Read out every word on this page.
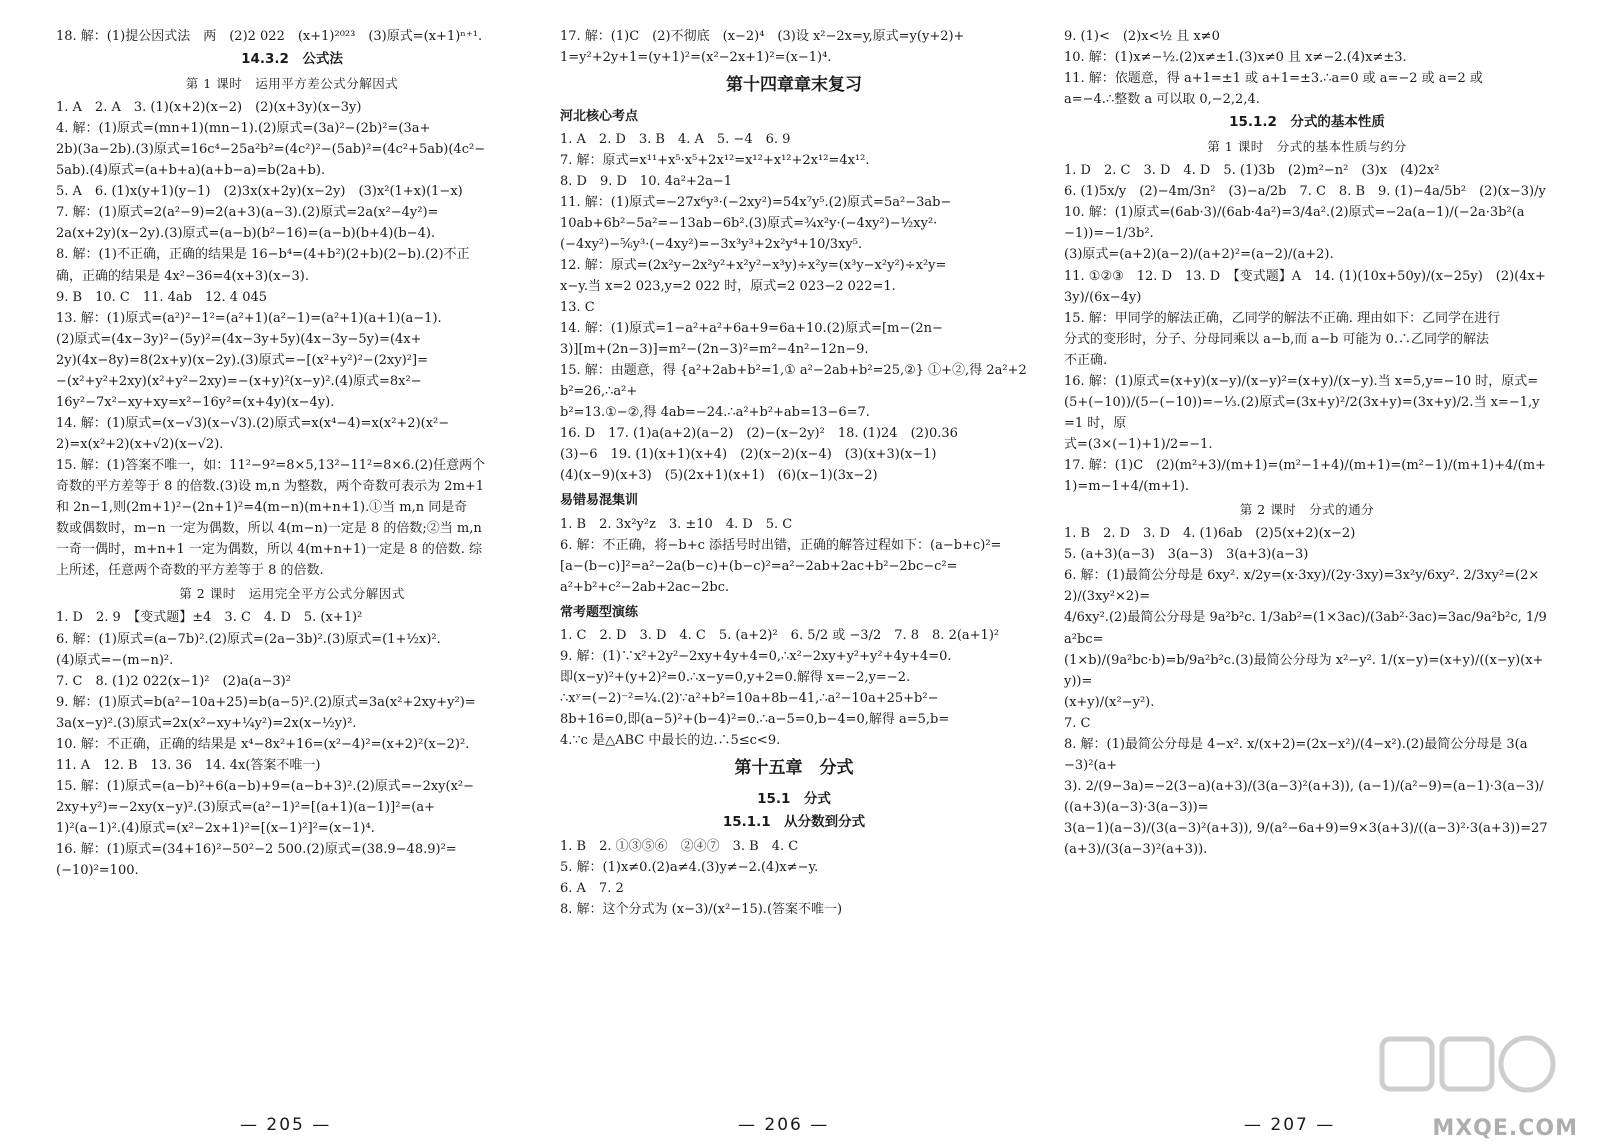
18. 解：(1)提公因式法　两　(2)2 022　(x+1)²⁰²³　(3)原式=(x+1)ⁿ⁺¹.
14.3.2　公式法
第 1 课时　运用平方差公式分解因式
1. A　2. A　3. (1)(x+2)(x−2)　(2)(x+3y)(x−3y)
4. 解：(1)原式=(mn+1)(mn−1).(2)原式=(3a)²−(2b)²=(3a+
2b)(3a−2b).(3)原式=16c⁴−25a²b²=(4c²)²−(5ab)²=(4c²+5ab)(4c²−
5ab).(4)原式=(a+b+a)(a+b−a)=b(2a+b).
5. A　6. (1)x(y+1)(y−1)　(2)3x(x+2y)(x−2y)　(3)x²(1+x)(1−x)
7. 解：(1)原式=2(a²−9)=2(a+3)(a−3).(2)原式=2a(x²−4y²)=
2a(x+2y)(x−2y).(3)原式=(a−b)(b²−16)=(a−b)(b+4)(b−4).
8. 解：(1)不正确，正确的结果是 16−b⁴=(4+b²)(2+b)(2−b).(2)不正
确，正确的结果是 4x²−36=4(x+3)(x−3).
9. B　10. C　11. 4ab　12. 4 045
13. 解：(1)原式=(a²)²−1²=(a²+1)(a²−1)=(a²+1)(a+1)(a−1).
(2)原式=(4x−3y)²−(5y)²=(4x−3y+5y)(4x−3y−5y)=(4x+
2y)(4x−8y)=8(2x+y)(x−2y).(3)原式=−[(x²+y²)²−(2xy)²]=
−(x²+y²+2xy)(x²+y²−2xy)=−(x+y)²(x−y)².(4)原式=8x²−
16y²−7x²−xy+xy=x²−16y²=(x+4y)(x−4y).
14. 解：(1)原式=(x−√3)(x−√3).(2)原式=x(x⁴−4)=x(x²+2)(x²−
2)=x(x²+2)(x+√2)(x−√2).
15. 解：(1)答案不唯一，如：11²−9²=8×5,13²−11²=8×6.(2)任意两个
奇数的平方差等于 8 的倍数.(3)设 m,n 为整数，两个奇数可表示为 2m+1
和 2n−1,则(2m+1)²−(2n+1)²=4(m−n)(m+n+1).①当 m,n 同是奇
数或偶数时，m−n 一定为偶数，所以 4(m−n)一定是 8 的倍数;②当 m,n
一奇一偶时，m+n+1 一定为偶数，所以 4(m+n+1)一定是 8 的倍数. 综
上所述，任意两个奇数的平方差等于 8 的倍数.
第 2 课时　运用完全平方公式分解因式
1. D　2. 9　【变式题】±4　3. C　4. D　5. (x+1)²
6. 解：(1)原式=(a−7b)².(2)原式=(2a−3b)².(3)原式=(1+½x)².
(4)原式=−(m−n)².
7. C　8. (1)2 022(x−1)²　(2)a(a−3)²
9. 解：(1)原式=b(a²−10a+25)=b(a−5)².(2)原式=3a(x²+2xy+y²)=
3a(x−y)².(3)原式=2x(x²−xy+¼y²)=2x(x−½y)².
10. 解：不正确，正确的结果是 x⁴−8x²+16=(x²−4)²=(x+2)²(x−2)².
11. A　12. B　13. 36　14. 4x(答案不唯一)
15. 解：(1)原式=(a−b)²+6(a−b)+9=(a−b+3)².(2)原式=−2xy(x²−
2xy+y²)=−2xy(x−y)².(3)原式=(a²−1)²=[(a+1)(a−1)]²=(a+
1)²(a−1)².(4)原式=(x²−2x+1)²=[(x−1)²]²=(x−1)⁴.
16. 解：(1)原式=(34+16)²−50²−2 500.(2)原式=(38.9−48.9)²=
(−10)²=100.
17. 解：(1)C　(2)不彻底　(x−2)⁴　(3)设 x²−2x=y,原式=y(y+2)+
1=y²+2y+1=(y+1)²=(x²−2x+1)²=(x−1)⁴.
第十四章章末复习
河北核心考点
1. A　2. D　3. B　4. A　5. −4　6. 9
7. 解：原式=x¹¹+x⁵·x⁵+2x¹²=x¹²+x¹²+2x¹²=4x¹².
8. D　9. D　10. 4a²+2a−1
11. 解：(1)原式=−27x⁶y³·(−2xy²)=54x⁷y⁵.(2)原式=5a²−3ab−
10ab+6b²−5a²=−13ab−6b².(3)原式=¾x²y·(−4xy²)−½xy²·
(−4xy²)−⅚y³·(−4xy²)=−3x³y³+2x²y⁴+10/3xy⁵.
12. 解：原式=(2x²y−2x²y²+x²y²−x³y)÷x²y=(x³y−x²y²)÷x²y=
x−y.当 x=2 023,y=2 022 时，原式=2 023−2 022=1.
13. C
14. 解：(1)原式=1−a²+a²+6a+9=6a+10.(2)原式=[m−(2n−
3)][m+(2n−3)]=m²−(2n−3)²=m²−4n²−12n−9.
15. 解：由题意，得 {a²+2ab+b²=1,① a²−2ab+b²=25,②} ①+②,得 2a²+2b²=26,∴a²+
b²=13.①−②,得 4ab=−24.∴a²+b²+ab=13−6=7.
16. D　17. (1)a(a+2)(a−2)　(2)−(x−2y)²　18. (1)24　(2)0.36
(3)−6　19. (1)(x+1)(x+4)　(2)(x−2)(x−4)　(3)(x+3)(x−1)
(4)(x−9)(x+3)　(5)(2x+1)(x+1)　(6)(x−1)(3x−2)
易错易混集训
1. B　2. 3x²y²z　3. ±10　4. D　5. C
6. 解：不正确，将−b+c 添括号时出错，正确的解答过程如下：(a−b+c)²=
[a−(b−c)]²=a²−2a(b−c)+(b−c)²=a²−2ab+2ac+b²−2bc−c²=
a²+b²+c²−2ab+2ac−2bc.
常考题型演练
1. C　2. D　3. D　4. C　5. (a+2)²　6. 5/2 或 −3/2　7. 8　8. 2(a+1)²
9. 解：(1)∵x²+2y²−2xy+4y+4=0,∴x²−2xy+y²+y²+4y+4=0.
即(x−y)²+(y+2)²=0.∴x−y=0,y+2=0.解得 x=−2,y=−2.
∴xʸ=(−2)⁻²=¼.(2)∵a²+b²=10a+8b−41,∴a²−10a+25+b²−
8b+16=0,即(a−5)²+(b−4)²=0.∴a−5=0,b−4=0,解得 a=5,b=
4.∵c 是△ABC 中最长的边.∴5≤c<9.
第十五章　分式
15.1　分式
15.1.1　从分数到分式
1. B　2. ①③⑤⑥　②④⑦　3. B　4. C
5. 解：(1)x≠0.(2)a≠4.(3)y≠−2.(4)x≠−y.
6. A　7. 2
8. 解：这个分式为 (x−3)/(x²−15).(答案不唯一)
9. (1)<　(2)x<½ 且 x≠0
10. 解：(1)x≠−½.(2)x≠±1.(3)x≠0 且 x≠−2.(4)x≠±3.
11. 解：依题意，得 a+1=±1 或 a+1=±3.∴a=0 或 a=−2 或 a=2 或
a=−4.∴整数 a 可以取 0,−2,2,4.
15.1.2　分式的基本性质
第 1 课时　分式的基本性质与约分
1. D　2. C　3. D　4. D　5. (1)3b　(2)m²−n²　(3)x　(4)2x²
6. (1)5x/y　(2)−4m/3n²　(3)−a/2b　7. C　8. B　9. (1)−4a/5b²　(2)(x−3)/y
10. 解：(1)原式=(6ab·3)/(6ab·4a²)=3/4a².(2)原式=−2a(a−1)/(−2a·3b²(a−1))=−1/3b².
(3)原式=(a+2)(a−2)/(a+2)²=(a−2)/(a+2).
11. ①②③　12. D　13. D　【变式题】A　14. (1)(10x+50y)/(x−25y)　(2)(4x+3y)/(6x−4y)
15. 解：甲同学的解法正确，乙同学的解法不正确. 理由如下：乙同学在进行
分式的变形时，分子、分母同乘以 a−b,而 a−b 可能为 0.∴乙同学的解法
不正确.
16. 解：(1)原式=(x+y)(x−y)/(x−y)²=(x+y)/(x−y).当 x=5,y=−10 时，原式=
(5+(−10))/(5−(−10))=−⅓.(2)原式=(3x+y)²/2(3x+y)=(3x+y)/2.当 x=−1,y=1 时，原
式=(3×(−1)+1)/2=−1.
17. 解：(1)C　(2)(m²+3)/(m+1)=(m²−1+4)/(m+1)=(m²−1)/(m+1)+4/(m+1)=m−1+4/(m+1).
第 2 课时　分式的通分
1. B　2. D　3. D　4. (1)6ab　(2)5(x+2)(x−2)
5. (a+3)(a−3)　3(a−3)　3(a+3)(a−3)
6. 解：(1)最简公分母是 6xy². x/2y=(x·3xy)/(2y·3xy)=3x²y/6xy². 2/3xy²=(2×2)/(3xy²×2)=
4/6xy².(2)最简公分母是 9a²b²c. 1/3ab²=(1×3ac)/(3ab²·3ac)=3ac/9a²b²c, 1/9a²bc=
(1×b)/(9a²bc·b)=b/9a²b²c.(3)最简公分母为 x²−y². 1/(x−y)=(x+y)/((x−y)(x+y))=
(x+y)/(x²−y²).
7. C
8. 解：(1)最简公分母是 4−x². x/(x+2)=(2x−x²)/(4−x²).(2)最简公分母是 3(a−3)²(a+
3). 2/(9−3a)=−2(3−a)(a+3)/(3(a−3)²(a+3)), (a−1)/(a²−9)=(a−1)·3(a−3)/((a+3)(a−3)·3(a−3))=
3(a−1)(a−3)/(3(a−3)²(a+3)), 9/(a²−6a+9)=9×3(a+3)/((a−3)²·3(a+3))=27(a+3)/(3(a−3)²(a+3)).
— 205 —	— 206 —	— 207 —	MXQE.COM
